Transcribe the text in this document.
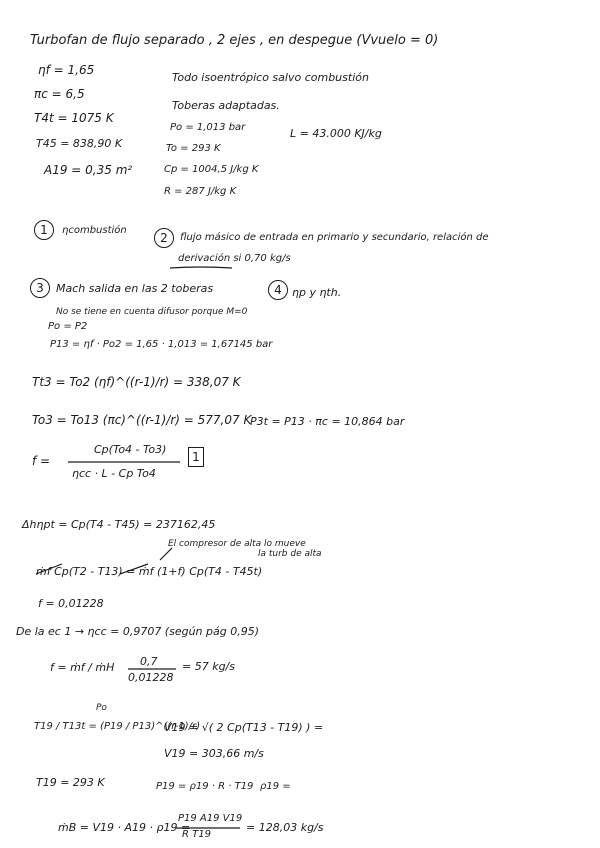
Turbofan de flujo separado , 2 ejes , en despegue (Vvuelo = 0)
ηf = 1,65
πc = 6,5
T4t = 1075 K
T45 = 838,90 K
A19 = 0,35 m²
Todo isoentrópico salvo combustión
Toberas adaptadas.
Po = 1,013 bar
To = 293 K
Cp = 1004,5 J/kg K
R = 287 J/kg K
L = 43.000 KJ/kg
1	ηcombustión
2	flujo másico de entrada en primario y secundario, relación de
derivación si 0,70 kg/s
3	Mach salida en las 2 toberas	4 ηp y ηth.
No se tiene en cuenta difusor porque M=0
Po = P2
P13 = ηf · Po2 = 1,65 · 1,013 = 1,67145 bar
Tt3 = To2 (ηf)^((r-1)/r) = 338,07 K
To3 = To13 (πc)^((r-1)/r) = 577,07 K
P3t = P13 · πc = 10,864 bar
f =
Cp(To4 - To3)
ηcc · L - Cp To4
1
Δhηpt = Cp(T4 - T45) = 237162,45
El compresor de alta lo mueve
la turb de alta
ṁf Cp(T2 - T13) = ṁf (1+f) Cp(T4 - T45t)
f = 0,01228
De la ec 1 → ηcc = 0,9707 (según pág 0,95)
f = ṁf / ṁH 0,7
0,01228
= 57 kg/s
Po
T19 / T13t = (P19 / P13)^((r-1)/r)
V19 = √( 2 Cp(T13 - T19) ) =
V19 = 303,66 m/s
T19 = 293 K	P19 = ρ19 · R · T19 ρ19 =
ṁB = V19 · A19 · ρ19 =
P19 A19 V19
R T19
= 128,03 kg/s
